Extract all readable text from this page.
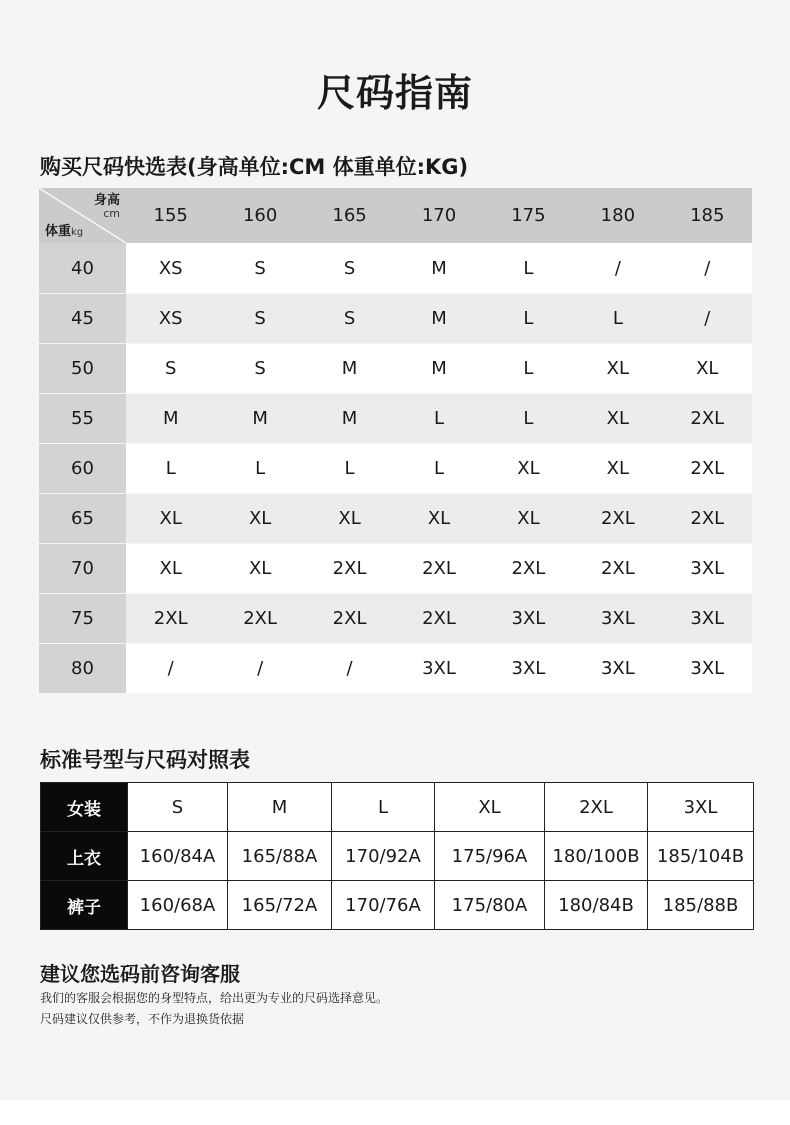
尺码指南
购买尺码快选表(身高单位:CM 体重单位:KG)
身高
cm
体重kg
155	160	165	170	175	180	185
40	XS	S	S	M	L	/	/
45	XS	S	S	M	L	L	/
50	S	S	M	M	L	XL	XL
55	M	M	M	L	L	XL	2XL
60	L	L	L	L	XL	XL	2XL
65	XL	XL	XL	XL	XL	2XL	2XL
70	XL	XL	2XL	2XL	2XL	2XL	3XL
75	2XL	2XL	2XL	2XL	3XL	3XL	3XL
80	/	/	/	3XL	3XL	3XL	3XL
标准号型与尺码对照表
女装	S	M	L	XL	2XL	3XL
上衣	160/84A	165/88A	170/92A	175/96A	180/100B	185/104B
裤子	160/68A	165/72A	170/76A	175/80A	180/84B	185/88B
建议您选码前咨询客服
我们的客服会根据您的身型特点，给出更为专业的尺码选择意见。
尺码建议仅供参考，不作为退换货依据
